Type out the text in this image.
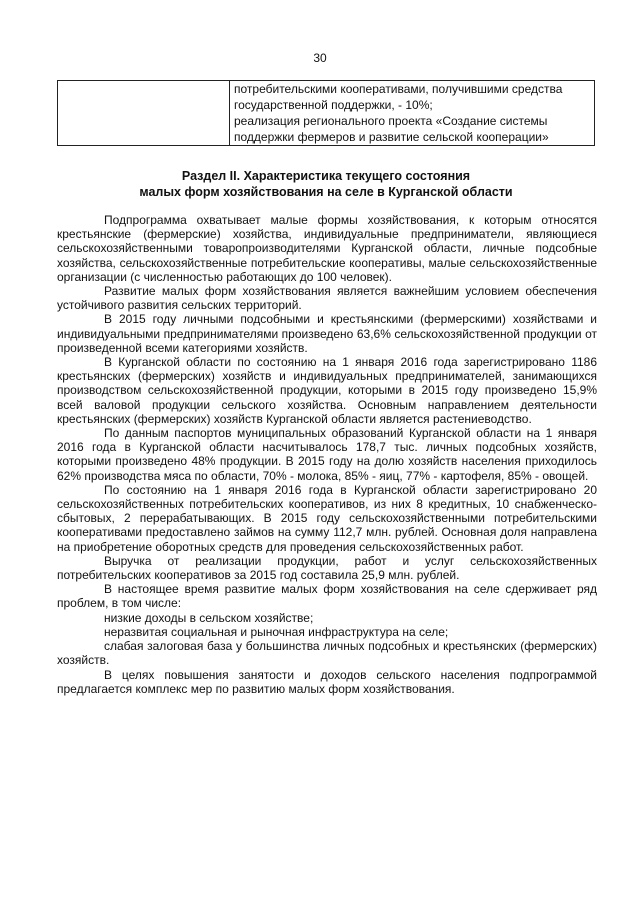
30

потребительскими кооперативами, получившими средства
государственной поддержки, - 10%;
реализация регионального проекта «Создание системы
поддержки фермеров и развитие сельской кооперации»
Раздел II. Характеристика текущего состояния
малых форм хозяйствования на селе в Курганской области

Подпрограмма охватывает малые формы хозяйствования, к которым относятся крестьянские (фермерские) хозяйства, индивидуальные предприниматели, являющиеся сельскохозяйственными товаропроизводителями Курганской области, личные подсобные хозяйства, сельскохозяйственные потребительские кооперативы, малые сельскохозяйственные организации (с численностью работающих до 100 человек).

Развитие малых форм хозяйствования является важнейшим условием обеспечения устойчивого развития сельских территорий.

В 2015 году личными подсобными и крестьянскими (фермерскими) хозяйствами и индивидуальными предпринимателями произведено 63,6% сельскохозяйственной продукции от произведенной всеми категориями хозяйств.

В Курганской области по состоянию на 1 января 2016 года зарегистрировано 1186 крестьянских (фермерских) хозяйств и индивидуальных предпринимателей, занимающихся производством сельскохозяйственной продукции, которыми в 2015 году произведено 15,9% всей валовой продукции сельского хозяйства. Основным направлением деятельности крестьянских (фермерских) хозяйств Курганской области является растениеводство.

По данным паспортов муниципальных образований Курганской области на 1 января 2016 года в Курганской области насчитывалось 178,7 тыс. личных подсобных хозяйств, которыми произведено 48% продукции. В 2015 году на долю хозяйств населения приходилось 62% производства мяса по области, 70% - молока, 85% - яиц, 77% - картофеля, 85% - овощей.

По состоянию на 1 января 2016 года в Курганской области зарегистрировано 20 сельскохозяйственных потребительских кооперативов, из них 8 кредитных, 10 снабженческо-сбытовых, 2 перерабатывающих. В 2015 году сельскохозяйственными потребительскими кооперативами предоставлено займов на сумму 112,7 млн. рублей. Основная доля направлена на приобретение оборотных средств для проведения сельскохозяйственных работ.

Выручка от реализации продукции, работ и услуг сельскохозяйственных потребительских кооперативов за 2015 год составила 25,9 млн. рублей.

В настоящее время развитие малых форм хозяйствования на селе сдерживает ряд проблем, в том числе:

низкие доходы в сельском хозяйстве;

неразвитая социальная и рыночная инфраструктура на селе;

слабая залоговая база у большинства личных подсобных и крестьянских (фермерских) хозяйств.

В целях повышения занятости и доходов сельского населения подпрограммой предлагается комплекс мер по развитию малых форм хозяйствования.
